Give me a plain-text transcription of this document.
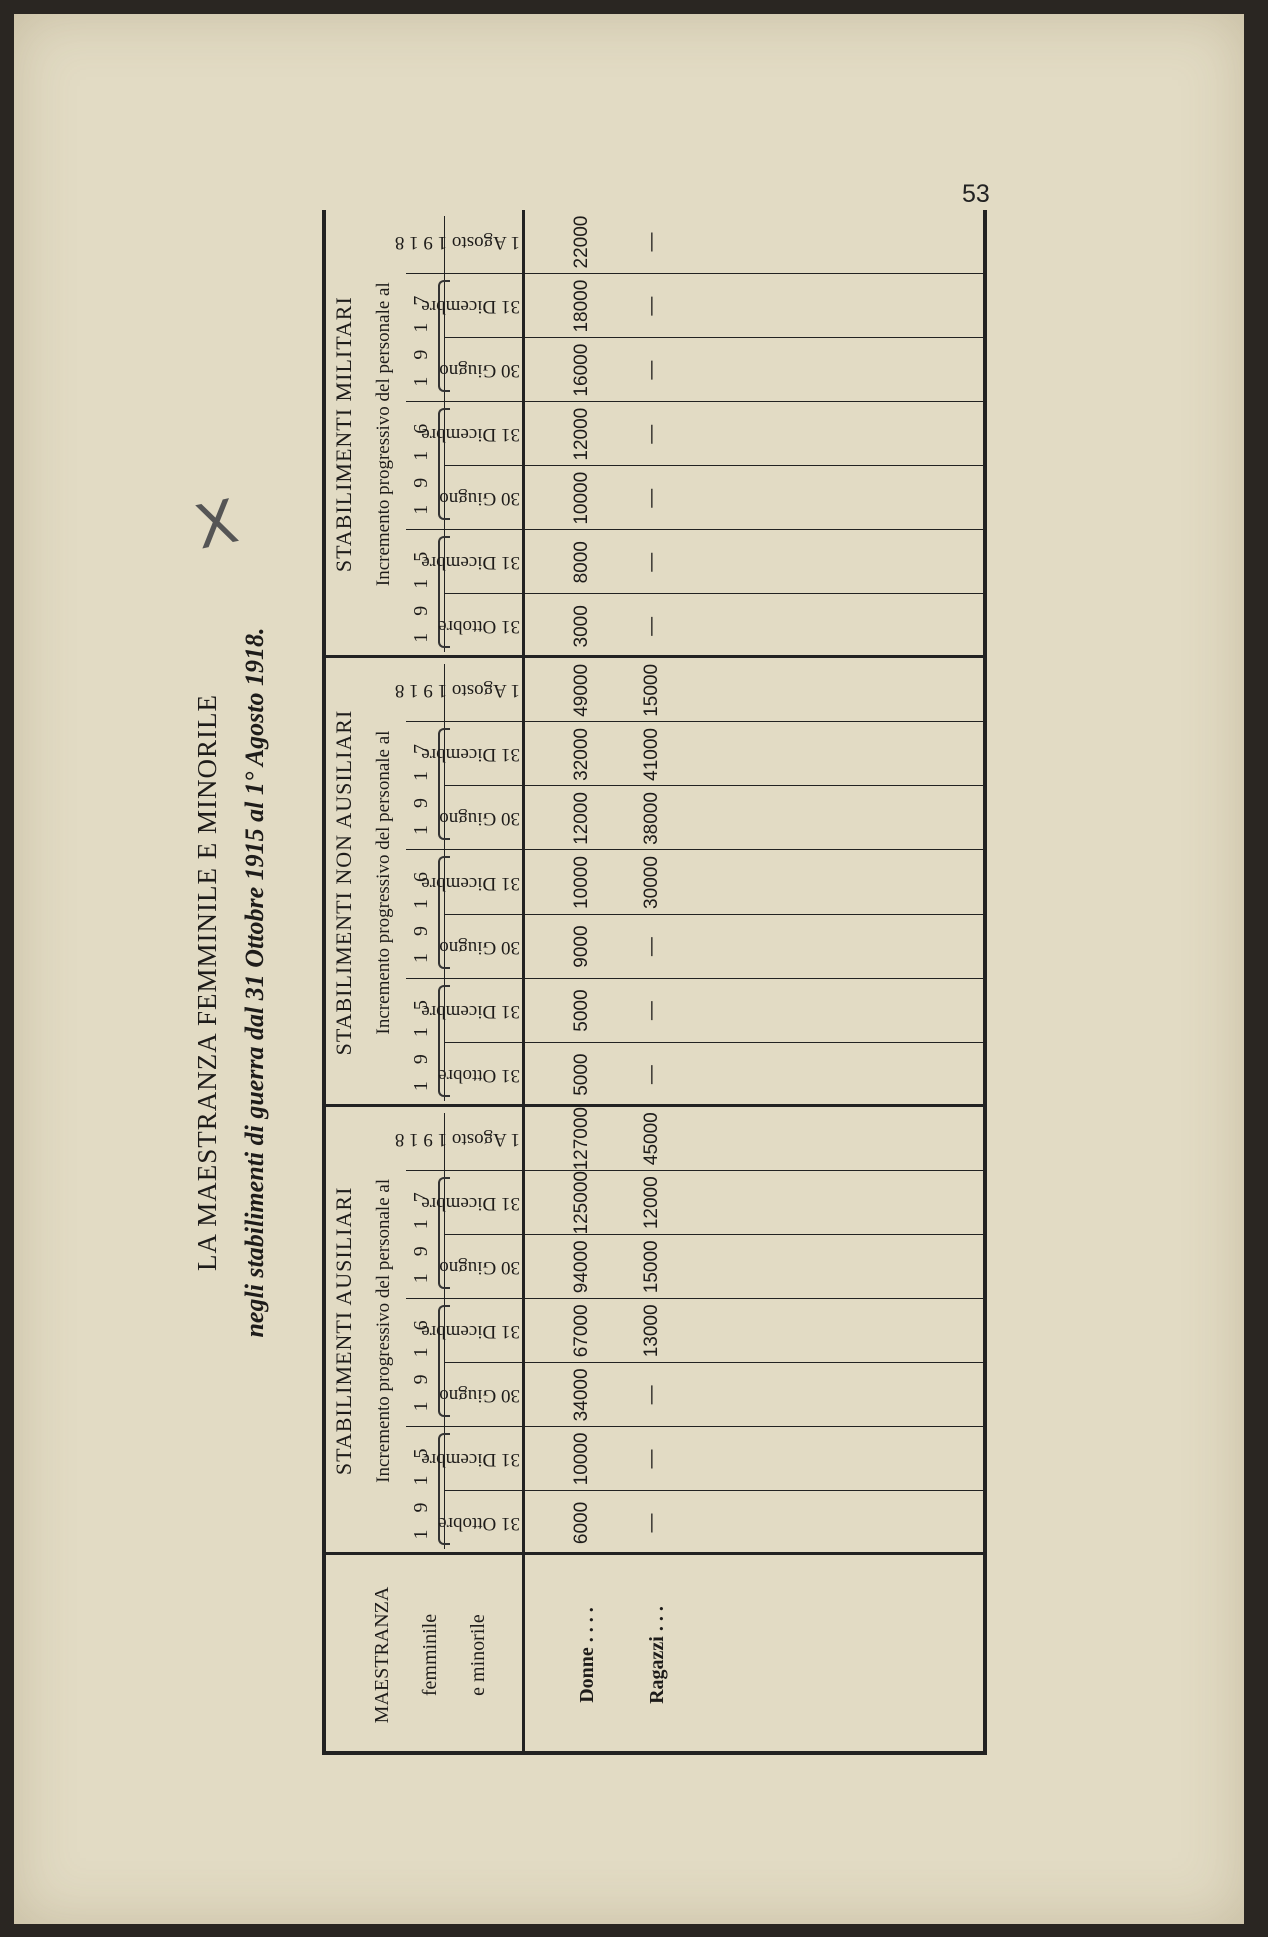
53
X
LA MAESTRANZA FEMMINILE E MINORILE negli stabilimenti di guerra dal 31 Ottobre 1915 al 1° Agosto 1918.
MAESTRANZA	femminile	e minorile	Donne . . . .	Ragazzi . . .
STABILIMENTI AUSILIARI Incremento progressivo del personale al
1 9 1 5
1 9 1 6
1 9 1 7
31 Ottobre	6000	—
31 Dicembre	10000	—
30 Giugno	34000	—
31 Dicembre	67000	13000
30 Giugno	94000	15000
31 Dicembre	125000	12000
1 Agosto 1 9 1 8	127000	45000
STABILIMENTI NON AUSILIARI Incremento progressivo del personale al
1 9 1 5
1 9 1 6
1 9 1 7
31 Ottobre	5000	—
31 Dicembre	5000	—
30 Giugno	9000	—
31 Dicembre	10000	30000
30 Giugno	12000	38000
31 Dicembre	32000	41000
1 Agosto 1 9 1 8	49000	15000
STABILIMENTI MILITARI Incremento progressivo del personale al
1 9 1 5
1 9 1 6
1 9 1 7
31 Ottobre	3000	—
31 Dicembre	8000	—
30 Giugno	10000	—
31 Dicembre	12000	—
30 Giugno	16000	—
31 Dicembre	18000	—
1 Agosto 1 9 1 8	22000	—
